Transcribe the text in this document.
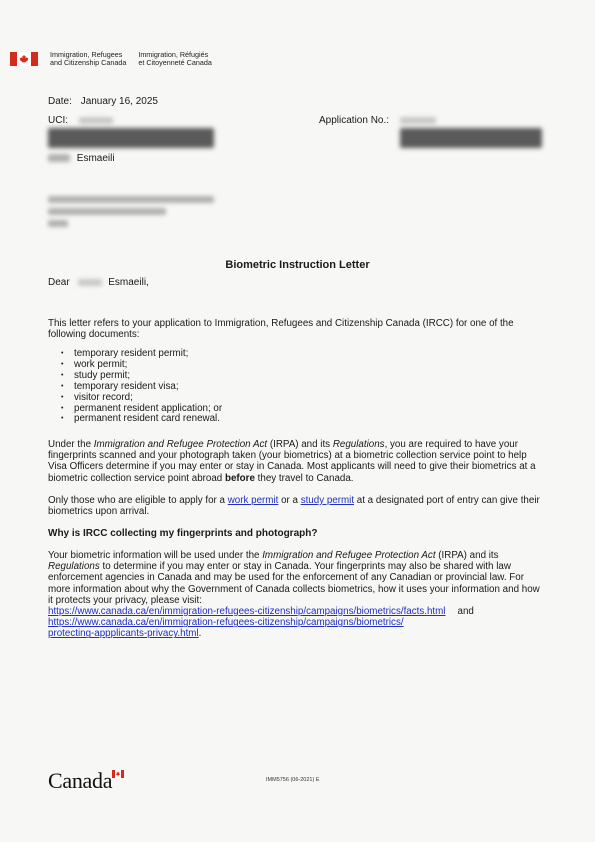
Immigration, Refugees
and Citizenship Canada
Immigration, Réfugiés
et Citoyenneté Canada
Date: January 16, 2025
UCI:	Application No.:
Esmaeili
Biometric Instruction Letter
Dear	Esmaeili,

This letter refers to your application to Immigration, Refugees and Citizenship Canada (IRCC) for one of the following documents:

• temporary resident permit;
• work permit;
• study permit;
• temporary resident visa;
• visitor record;
• permanent resident application; or
• permanent resident card renewal.

Under the Immigration and Refugee Protection Act (IRPA) and its Regulations, you are required to have your fingerprints scanned and your photograph taken (your biometrics) at a biometric collection service point to help Visa Officers determine if you may enter or stay in Canada. Most applicants will need to give their biometrics at a biometric collection service point abroad before they travel to Canada.

Only those who are eligible to apply for a work permit or a study permit at a designated port of entry can give their biometrics upon arrival.

Why is IRCC collecting my fingerprints and photograph?

Your biometric information will be used under the Immigration and Refugee Protection Act (IRPA) and its Regulations to determine if you may enter or stay in Canada. Your fingerprints may also be shared with law enforcement agencies in Canada and may be used for the enforcement of any Canadian or provincial law. For more information about why the Government of Canada collects biometrics, how it uses your information and how it protects your privacy, please visit:
https://www.canada.ca/en/immigration-refugees-citizenship/campaigns/biometrics/facts.html and
https://www.canada.ca/en/immigration-refugees-citizenship/campaigns/biometrics/
protecting-appplicants-privacy.html.

Canada	IMM5756 (06-2021) E
